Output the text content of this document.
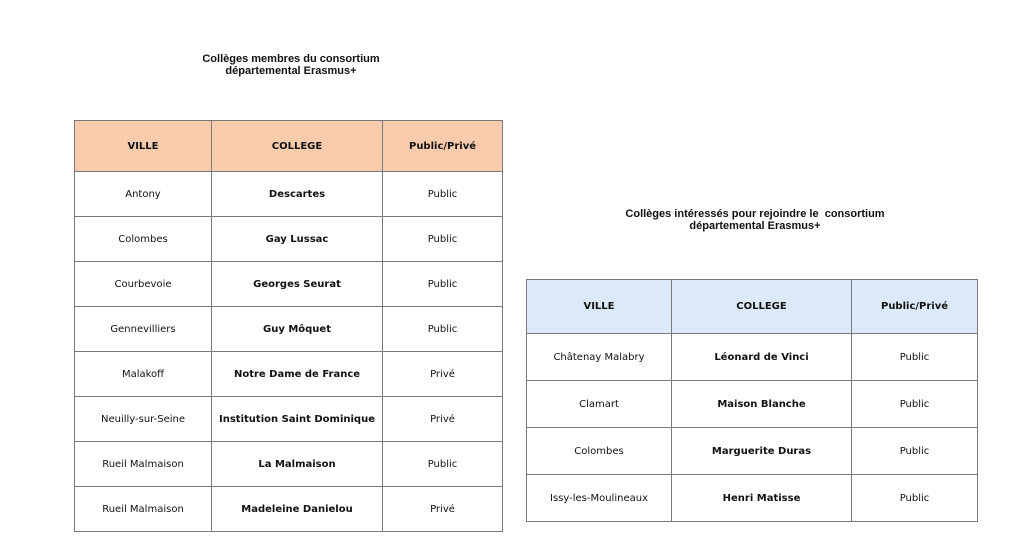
Collèges membres du consortium
départemental Erasmus+
VILLE	COLLEGE	Public/Privé
Antony	Descartes	Public
Colombes	Gay Lussac	Public
Courbevoie	Georges Seurat	Public
Gennevilliers	Guy Môquet	Public
Malakoff	Notre Dame de France	Privé
Neuilly-sur-Seine	Institution Saint Dominique	Privé
Rueil Malmaison	La Malmaison	Public
Rueil Malmaison	Madeleine Danielou	Privé
Collèges intéressés pour rejoindre le  consortium
départemental Erasmus+
VILLE	COLLEGE	Public/Privé
Châtenay Malabry	Léonard de Vinci	Public
Clamart	Maison Blanche	Public
Colombes	Marguerite Duras	Public
Issy-les-Moulineaux	Henri Matisse	Public
